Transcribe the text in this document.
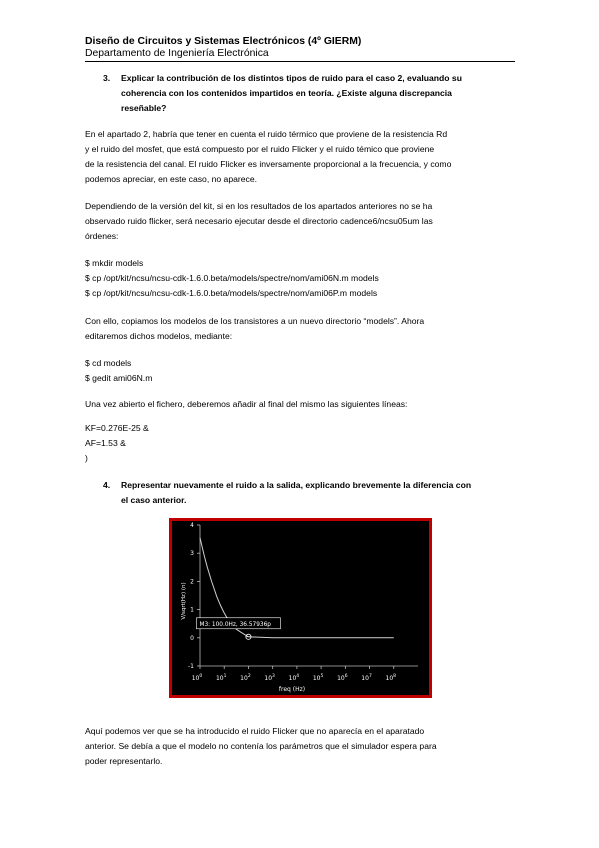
Diseño de Circuitos y Sistemas Electrónicos (4º GIERM)
Departamento de Ingeniería Electrónica
3. Explicar la contribución de los distintos tipos de ruido para el caso 2, evaluando su
coherencia con los contenidos impartidos en teoría. ¿Existe alguna discrepancia
reseñable?
En el apartado 2, habría que tener en cuenta el ruido térmico que proviene de la resistencia Rd
y el ruido del mosfet, que está compuesto por el ruido Flicker y el ruido témico que proviene
de la resistencia del canal. El ruido Flicker es inversamente proporcional a la frecuencia, y como
podemos apreciar, en este caso, no aparece.
Dependiendo de la versión del kit, si en los resultados de los apartados anteriores no se ha
observado ruido flicker, será necesario ejecutar desde el directorio cadence6/ncsu05um las
órdenes:
$ mkdir models
$ cp /opt/kit/ncsu/ncsu-cdk-1.6.0.beta/models/spectre/nom/ami06N.m models
$ cp /opt/kit/ncsu/ncsu-cdk-1.6.0.beta/models/spectre/nom/ami06P.m models
Con ello, copiamos los modelos de los transistores a un nuevo directorio “models”. Ahora
editaremos dichos modelos, mediante:
$ cd models
$ gedit ami06N.m
Una vez abierto el fichero, deberemos añadir al final del mismo las siguientes líneas:
KF=0.276E-25 &
AF=1.53 &
)
4. Representar nuevamente el ruido a la salida, explicando brevemente la diferencia con
el caso anterior.
4
3
2
1
0
-1
$10^0$ $10^1$ $10^2$ $10^3$ $10^4$ $10^5$ $10^6$ $10^7$ $10^8$
M3: 100.0Hz, 36.57936p
freq (Hz)
V/sqrt(Hz) (n)
Aquí podemos ver que se ha introducido el ruido Flicker que no aparecía en el aparatado
anterior. Se debía a que el modelo no contenía los parámetros que el simulador espera para
poder representarlo.
